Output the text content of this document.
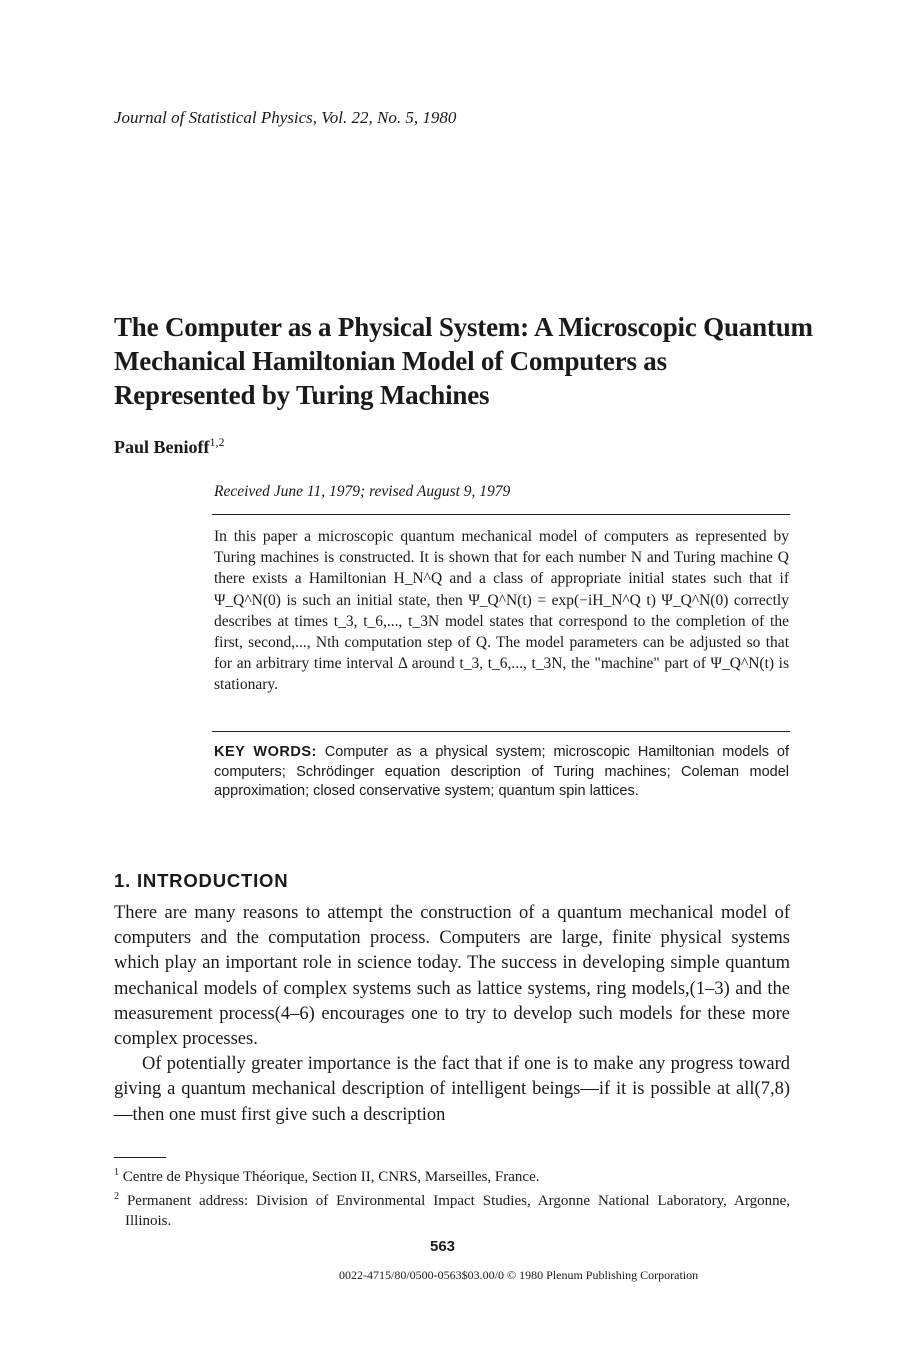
Journal of Statistical Physics, Vol. 22, No. 5, 1980
The Computer as a Physical System: A Microscopic Quantum Mechanical Hamiltonian Model of Computers as Represented by Turing Machines
Paul Benioff$^{1,2}$
Received June 11, 1979; revised August 9, 1979
In this paper a microscopic quantum mechanical model of computers as represented by Turing machines is constructed. It is shown that for each number N and Turing machine Q there exists a Hamiltonian H_N^Q and a class of appropriate initial states such that if Ψ_Q^N(0) is such an initial state, then Ψ_Q^N(t) = exp(−iH_N^Q t) Ψ_Q^N(0) correctly describes at times t_3, t_6,..., t_3N model states that correspond to the completion of the first, second,..., Nth computation step of Q. The model parameters can be adjusted so that for an arbitrary time interval Δ around t_3, t_6,..., t_3N, the "machine" part of Ψ_Q^N(t) is stationary.
KEY WORDS: Computer as a physical system; microscopic Hamiltonian models of computers; Schrödinger equation description of Turing machines; Coleman model approximation; closed conservative system; quantum spin lattices.
1. INTRODUCTION

There are many reasons to attempt the construction of a quantum mechanical model of computers and the computation process. Computers are large, finite physical systems which play an important role in science today. The success in developing simple quantum mechanical models of complex systems such as lattice systems, ring models,(1–3) and the measurement process(4–6) encourages one to try to develop such models for these more complex processes.

Of potentially greater importance is the fact that if one is to make any progress toward giving a quantum mechanical description of intelligent beings—if it is possible at all(7,8)—then one must first give such a description

$^1$ Centre de Physique Théorique, Section II, CNRS, Marseilles, France.

$^2$ Permanent address: Division of Environmental Impact Studies, Argonne National Laboratory, Argonne, Illinois.

563
0022-4715/80/0500-0563$03.00/0 © 1980 Plenum Publishing Corporation
